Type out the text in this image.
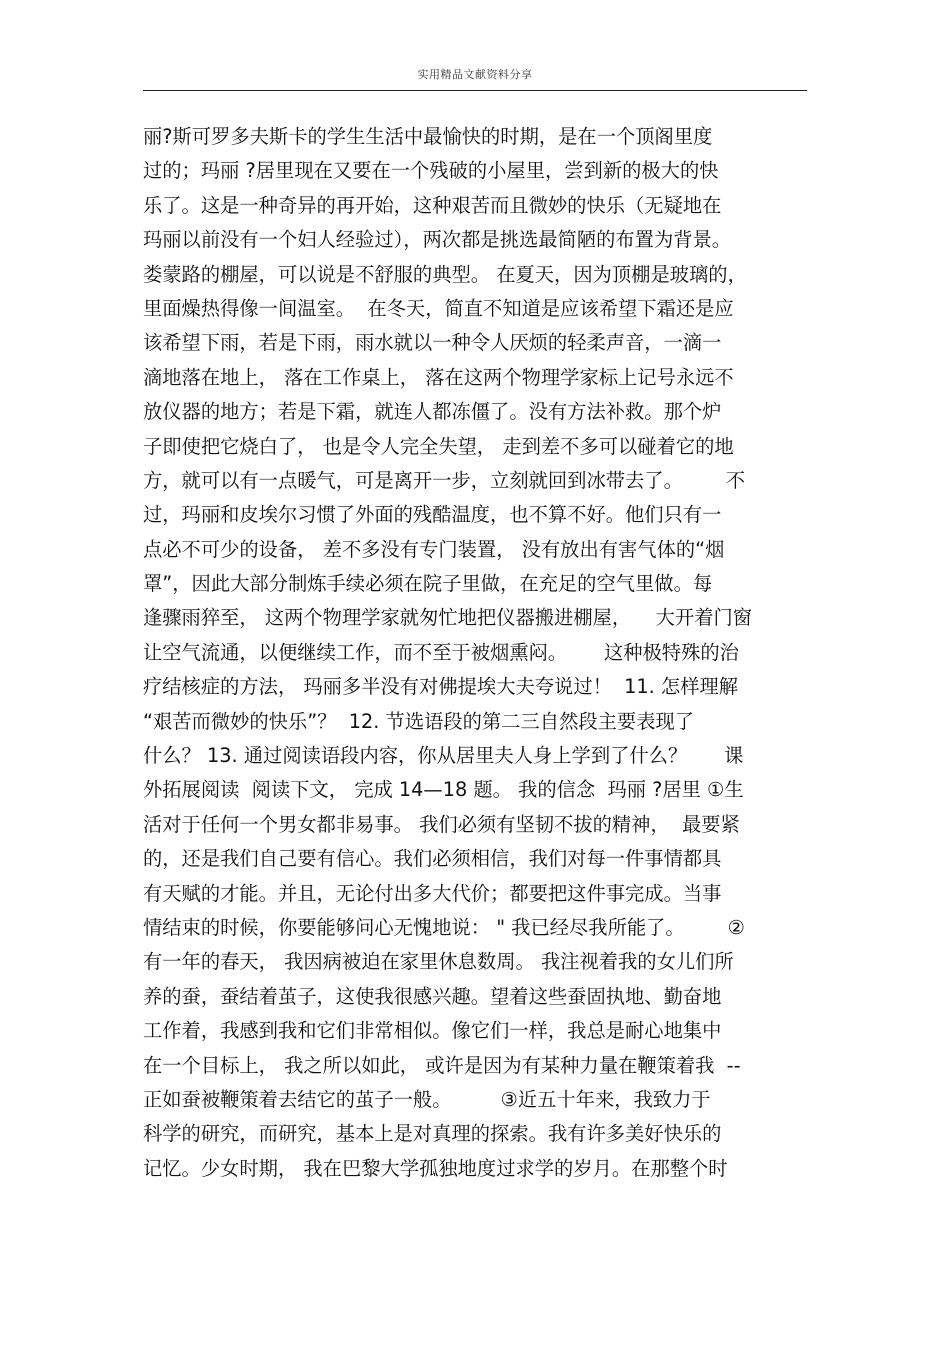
实用精品文献资料分享
丽?斯可罗多夫斯卡的学生生活中最愉快的时期，是在一个顶阁里度
过的；玛丽 ?居里现在又要在一个残破的小屋里，尝到新的极大的快
乐了。这是一种奇异的再开始，这种艰苦而且微妙的快乐（无疑地在
玛丽以前没有一个妇人经验过），两次都是挑选最简陋的布置为背景。
娄蒙路的棚屋，可以说是不舒服的典型。 在夏天，因为顶棚是玻璃的，
里面燥热得像一间温室。  在冬天，简直不知道是应该希望下霜还是应
该希望下雨，若是下雨，雨水就以一种令人厌烦的轻柔声音，一滴一
滴地落在地上， 落在工作桌上， 落在这两个物理学家标上记号永远不
放仪器的地方；若是下霜，就连人都冻僵了。没有方法补救。那个炉
子即使把它烧白了， 也是令人完全失望， 走到差不多可以碰着它的地
方，就可以有一点暖气，可是离开一步，立刻就回到冰带去了。       不
过，玛丽和皮埃尔习惯了外面的残酷温度，也不算不好。他们只有一
点必不可少的设备， 差不多没有专门装置， 没有放出有害气体的“烟
罩”，因此大部分制炼手续必须在院子里做，在充足的空气里做。每
逢骤雨猝至， 这两个物理学家就匆忙地把仪器搬进棚屋，    大开着门窗
让空气流通，以便继续工作，而不至于被烟熏闷。      这种极特殊的治
疗结核症的方法， 玛丽多半没有对佛提埃大夫夸说过！  11. 怎样理解
“艰苦而微妙的快乐”？  12. 节选语段的第二三自然段主要表现了
什么？ 13. 通过阅读语段内容，你从居里夫人身上学到了什么？      课
外拓展阅读  阅读下文， 完成 14—18 题。 我的信念  玛丽 ?居里 ①生
活对于任何一个男女都非易事。 我们必须有坚韧不拔的精神，  最要紧
的，还是我们自己要有信心。我们必须相信，我们对每一件事情都具
有天赋的才能。并且，无论付出多大代价；都要把这件事完成。当事
情结束的时候，你要能够问心无愧地说： " 我已经尽我所能了。       ②
有一年的春天， 我因病被迫在家里休息数周。 我注视着我的女儿们所
养的蚕，蚕结着茧子，这使我很感兴趣。望着这些蚕固执地、勤奋地
工作着，我感到我和它们非常相似。像它们一样，我总是耐心地集中
在一个目标上， 我之所以如此， 或许是因为有某种力量在鞭策着我  --
正如蚕被鞭策着去结它的茧子一般。        ③近五十年来，我致力于
科学的研究，而研究，基本上是对真理的探索。我有许多美好快乐的
记忆。少女时期， 我在巴黎大学孤独地度过求学的岁月。在那整个时
